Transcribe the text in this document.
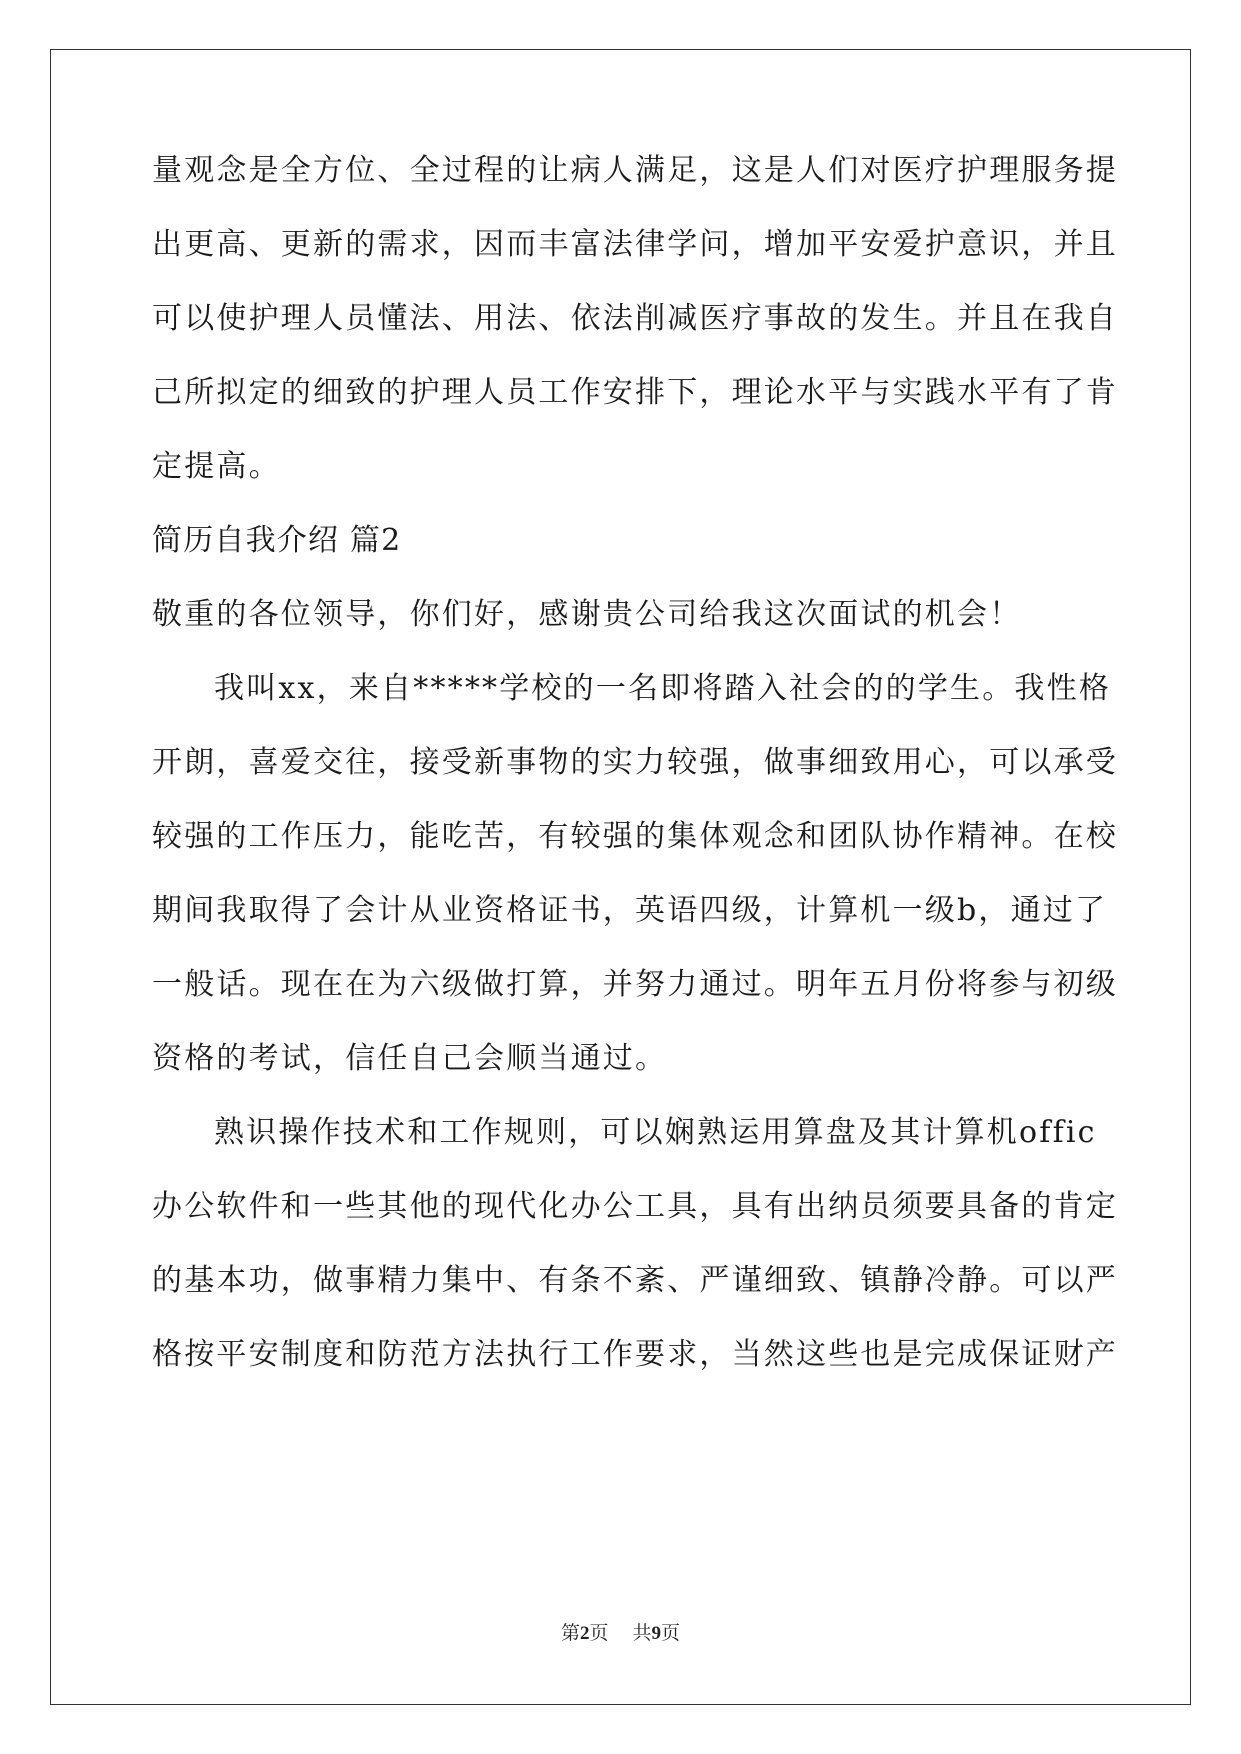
量观念是全方位、全过程的让病人满足，这是人们对医疗护理服务提
出更高、更新的需求，因而丰富法律学问，增加平安爱护意识，并且
可以使护理人员懂法、用法、依法削减医疗事故的发生。并且在我自
己所拟定的细致的护理人员工作安排下，理论水平与实践水平有了肯
定提高。
简历自我介绍 篇2
敬重的各位领导，你们好，感谢贵公司给我这次面试的机会！
我叫xx，来自*****学校的一名即将踏入社会的的学生。我性格
开朗，喜爱交往，接受新事物的实力较强，做事细致用心，可以承受
较强的工作压力，能吃苦，有较强的集体观念和团队协作精神。在校
期间我取得了会计从业资格证书，英语四级，计算机一级b，通过了
一般话。现在在为六级做打算，并努力通过。明年五月份将参与初级
资格的考试，信任自己会顺当通过。
熟识操作技术和工作规则，可以娴熟运用算盘及其计算机offic
办公软件和一些其他的现代化办公工具，具有出纳员须要具备的肯定
的基本功，做事精力集中、有条不紊、严谨细致、镇静冷静。可以严
格按平安制度和防范方法执行工作要求，当然这些也是完成保证财产
第2页 共9页
